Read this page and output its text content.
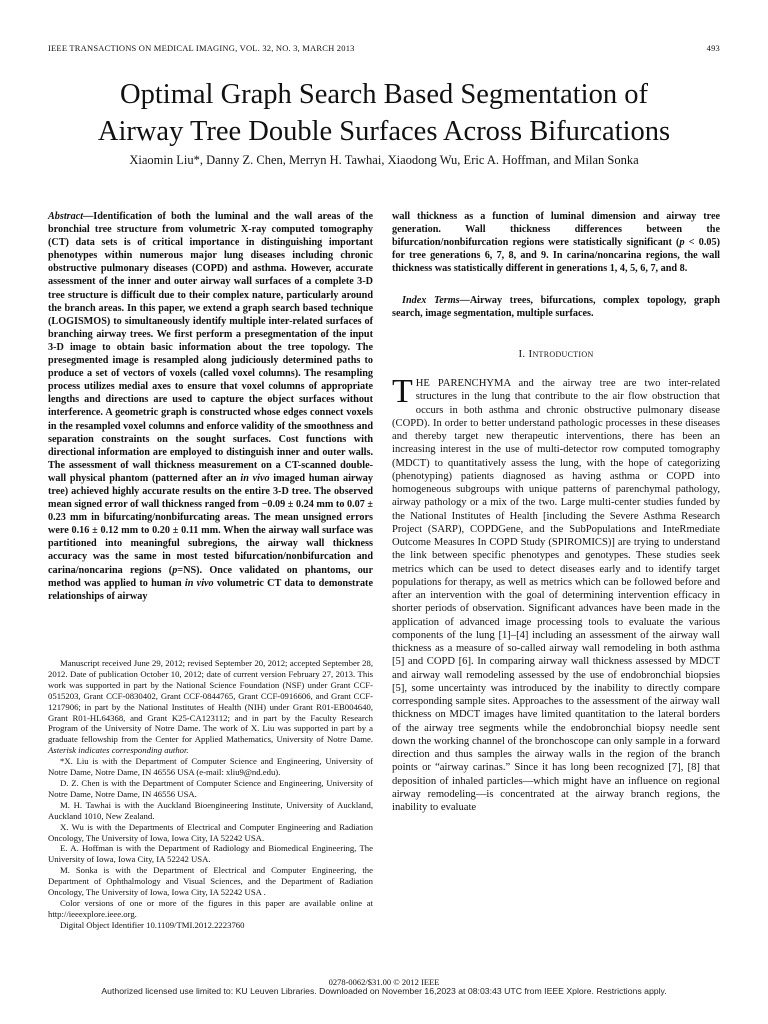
IEEE TRANSACTIONS ON MEDICAL IMAGING, VOL. 32, NO. 3, MARCH 2013	493
Optimal Graph Search Based Segmentation of
Airway Tree Double Surfaces Across Bifurcations
Xiaomin Liu*, Danny Z. Chen, Merryn H. Tawhai, Xiaodong Wu, Eric A. Hoffman, and Milan Sonka
Abstract—Identification of both the luminal and the wall areas of the bronchial tree structure from volumetric X-ray computed tomography (CT) data sets is of critical importance in distinguishing important phenotypes within numerous major lung diseases including chronic obstructive pulmonary diseases (COPD) and asthma. However, accurate assessment of the inner and outer airway wall surfaces of a complete 3-D tree structure is difficult due to their complex nature, particularly around the branch areas. In this paper, we extend a graph search based technique (LOGISMOS) to simultaneously identify multiple inter-related surfaces of branching airway trees. We first perform a presegmentation of the input 3-D image to obtain basic information about the tree topology. The presegmented image is resampled along judiciously determined paths to produce a set of vectors of voxels (called voxel columns). The resampling process utilizes medial axes to ensure that voxel columns of appropriate lengths and directions are used to capture the object surfaces without interference. A geometric graph is constructed whose edges connect voxels in the resampled voxel columns and enforce validity of the smoothness and separation constraints on the sought surfaces. Cost functions with directional information are employed to distinguish inner and outer walls. The assessment of wall thickness measurement on a CT-scanned double-wall physical phantom (patterned after an in vivo imaged human airway tree) achieved highly accurate results on the entire 3-D tree. The observed mean signed error of wall thickness ranged from −0.09 ± 0.24 mm to 0.07 ± 0.23 mm in bifurcating/nonbifurcating areas. The mean unsigned errors were 0.16 ± 0.12 mm to 0.20 ± 0.11 mm. When the airway wall surface was partitioned into meaningful subregions, the airway wall thickness accuracy was the same in most tested bifurcation/nonbifurcation and carina/noncarina regions (p=NS). Once validated on phantoms, our method was applied to human in vivo volumetric CT data to demonstrate relationships of airway
wall thickness as a function of luminal dimension and airway tree generation. Wall thickness differences between the bifurcation/nonbifurcation regions were statistically significant (p < 0.05) for tree generations 6, 7, 8, and 9. In carina/noncarina regions, the wall thickness was statistically different in generations 1, 4, 5, 6, 7, and 8.
Index Terms—Airway trees, bifurcations, complex topology, graph search, image segmentation, multiple surfaces.
I. Introduction
THE PARENCHYMA and the airway tree are two inter-related structures in the lung that contribute to the air flow obstruction that occurs in both asthma and chronic obstructive pulmonary disease (COPD). In order to better understand pathologic processes in these diseases and thereby target new therapeutic interventions, there has been an increasing interest in the use of multi-detector row computed tomography (MDCT) to quantitatively assess the lung, with the hope of categorizing (phenotyping) patients diagnosed as having asthma or COPD into homogeneous subgroups with unique patterns of parenchymal pathology, airway pathology or a mix of the two. Large multi-center studies funded by the National Institutes of Health [including the Severe Asthma Research Project (SARP), COPDGene, and the SubPopulations and InteRmediate Outcome Measures In COPD Study (SPIROMICS)] are trying to understand the link between specific phenotypes and genotypes. These studies seek metrics which can be used to detect diseases early and to identify target populations for therapy, as well as metrics which can be followed before and after an intervention with the goal of determining intervention efficacy in shorter periods of observation. Significant advances have been made in the application of advanced image processing tools to evaluate the various components of the lung [1]–[4] including an assessment of the airway wall thickness as a measure of so-called airway wall remodeling in both asthma [5] and COPD [6]. In comparing airway wall thickness assessed by MDCT and airway wall remodeling assessed by the use of endobronchial biopsies [5], some uncertainty was introduced by the inability to directly compare corresponding sample sites. Approaches to the assessment of the airway wall thickness on MDCT images have limited quantitation to the lateral borders of the airway tree segments while the endobronchial biopsy needle sent down the working channel of the bronchoscope can only sample in a forward direction and thus samples the airway walls in the region of the branch points or “airway carinas.” Since it has long been recognized [7], [8] that deposition of inhaled particles—which might have an influence on regional airway remodeling—is concentrated at the airway branch regions, the inability to evaluate

Manuscript received June 29, 2012; revised September 20, 2012; accepted September 28, 2012. Date of publication October 10, 2012; date of current version February 27, 2013. This work was supported in part by the National Science Foundation (NSF) under Grant CCF-0515203, Grant CCF-0830402, Grant CCF-0844765, Grant CCF-0916606, and Grant CCF-1217906; in part by the National Institutes of Health (NIH) under Grant R01-EB004640, Grant R01-HL64368, and Grant K25-CA123112; and in part by the Faculty Research Program of the University of Notre Dame. The work of X. Liu was supported in part by a graduate fellowship from the Center for Applied Mathematics, University of Notre Dame. Asterisk indicates corresponding author.

*X. Liu is with the Department of Computer Science and Engineering, University of Notre Dame, Notre Dame, IN 46556 USA (e-mail: xliu9@nd.edu).

D. Z. Chen is with the Department of Computer Science and Engineering, University of Notre Dame, Notre Dame, IN 46556 USA.

M. H. Tawhai is with the Auckland Bioengineering Institute, University of Auckland, Auckland 1010, New Zealand.

X. Wu is with the Departments of Electrical and Computer Engineering and Radiation Oncology, The University of Iowa, Iowa City, IA 52242 USA.

E. A. Hoffman is with the Department of Radiology and Biomedical Engineering, The University of Iowa, Iowa City, IA 52242 USA.

M. Sonka is with the Department of Electrical and Computer Engineering, the Department of Ophthalmology and Visual Sciences, and the Department of Radiation Oncology, The University of Iowa, Iowa City, IA 52242 USA .

Color versions of one or more of the figures in this paper are available online at http://ieeexplore.ieee.org.

Digital Object Identifier 10.1109/TMI.2012.2223760

0278-0062/$31.00 © 2012 IEEE
Authorized licensed use limited to: KU Leuven Libraries. Downloaded on November 16,2023 at 08:03:43 UTC from IEEE Xplore. Restrictions apply.
